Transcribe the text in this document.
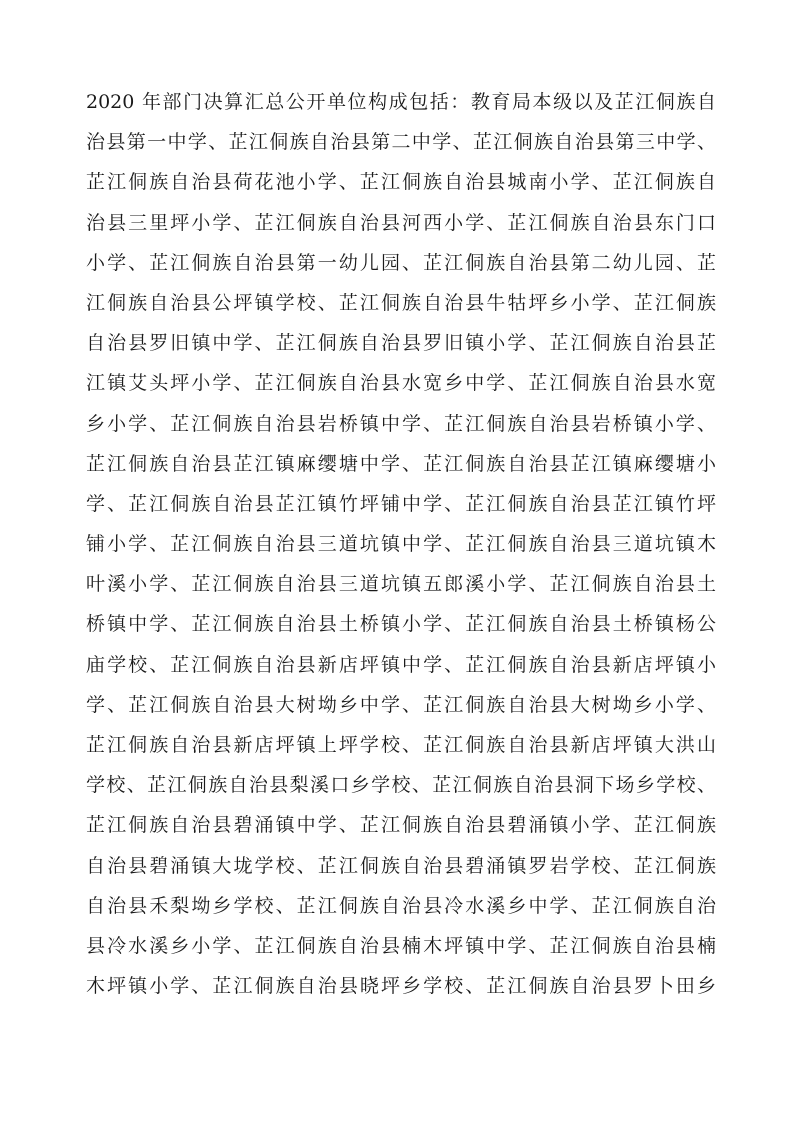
2020 年部门决算汇总公开单位构成包括：教育局本级以及芷江侗族自
治县第一中学、芷江侗族自治县第二中学、芷江侗族自治县第三中学、
芷江侗族自治县荷花池小学、芷江侗族自治县城南小学、芷江侗族自
治县三里坪小学、芷江侗族自治县河西小学、芷江侗族自治县东门口
小学、芷江侗族自治县第一幼儿园、芷江侗族自治县第二幼儿园、芷
江侗族自治县公坪镇学校、芷江侗族自治县牛牯坪乡小学、芷江侗族
自治县罗旧镇中学、芷江侗族自治县罗旧镇小学、芷江侗族自治县芷
江镇艾头坪小学、芷江侗族自治县水宽乡中学、芷江侗族自治县水宽
乡小学、芷江侗族自治县岩桥镇中学、芷江侗族自治县岩桥镇小学、
芷江侗族自治县芷江镇麻缨塘中学、芷江侗族自治县芷江镇麻缨塘小
学、芷江侗族自治县芷江镇竹坪铺中学、芷江侗族自治县芷江镇竹坪
铺小学、芷江侗族自治县三道坑镇中学、芷江侗族自治县三道坑镇木
叶溪小学、芷江侗族自治县三道坑镇五郎溪小学、芷江侗族自治县土
桥镇中学、芷江侗族自治县土桥镇小学、芷江侗族自治县土桥镇杨公
庙学校、芷江侗族自治县新店坪镇中学、芷江侗族自治县新店坪镇小
学、芷江侗族自治县大树坳乡中学、芷江侗族自治县大树坳乡小学、
芷江侗族自治县新店坪镇上坪学校、芷江侗族自治县新店坪镇大洪山
学校、芷江侗族自治县梨溪口乡学校、芷江侗族自治县洞下场乡学校、
芷江侗族自治县碧涌镇中学、芷江侗族自治县碧涌镇小学、芷江侗族
自治县碧涌镇大垅学校、芷江侗族自治县碧涌镇罗岩学校、芷江侗族
自治县禾梨坳乡学校、芷江侗族自治县冷水溪乡中学、芷江侗族自治
县冷水溪乡小学、芷江侗族自治县楠木坪镇中学、芷江侗族自治县楠
木坪镇小学、芷江侗族自治县晓坪乡学校、芷江侗族自治县罗卜田乡
